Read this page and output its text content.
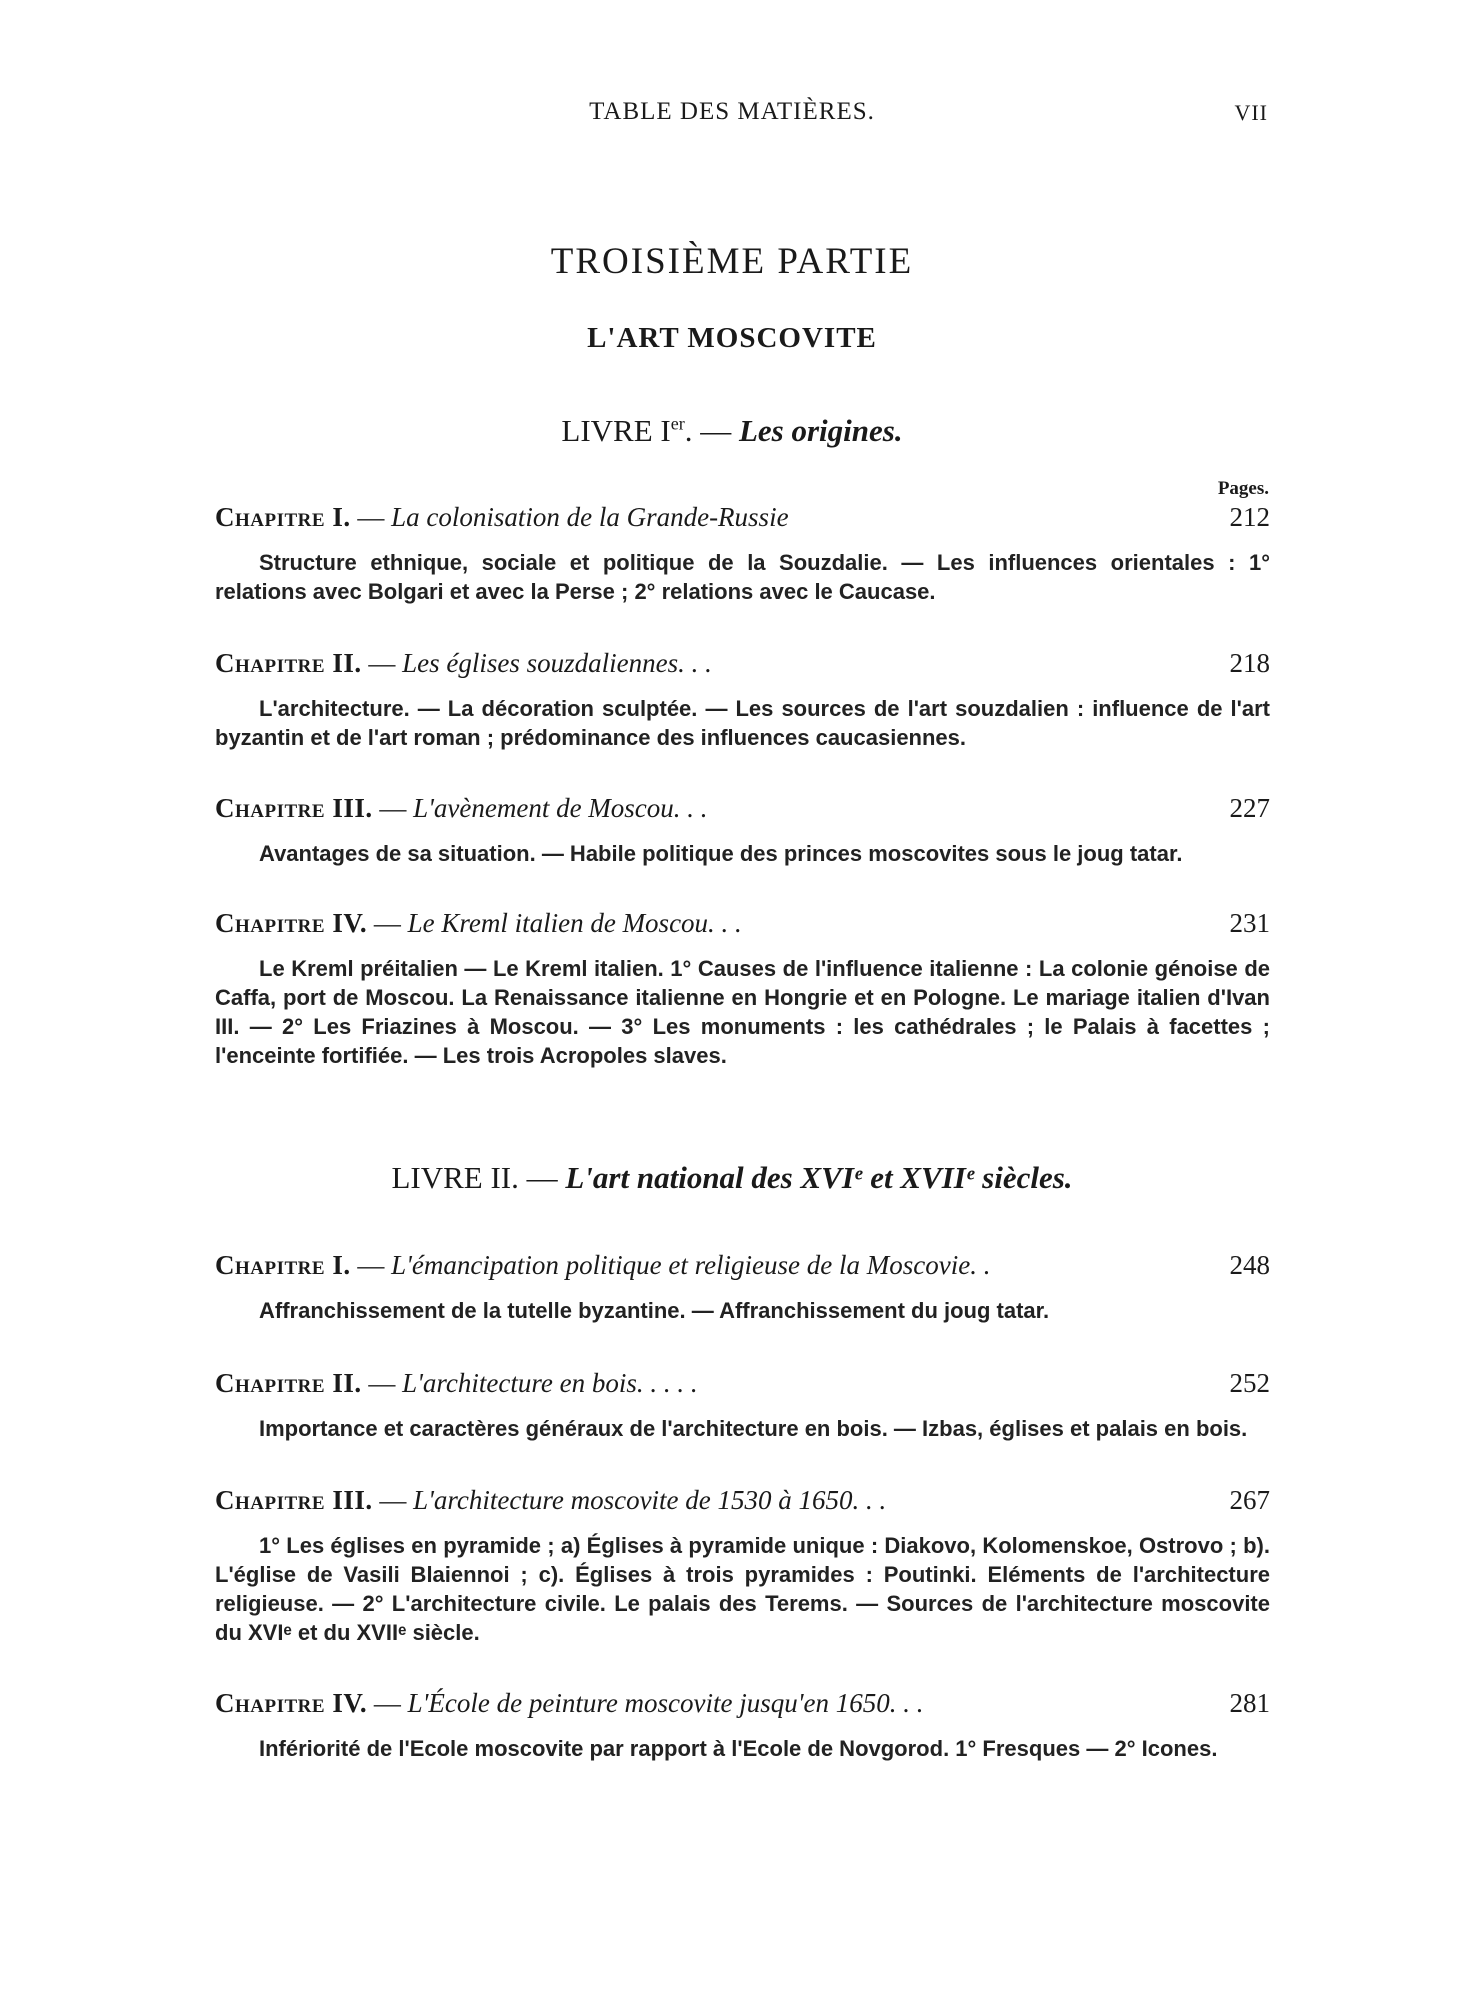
TABLE DES MATIÈRES.	VII
TROISIÈME PARTIE
L'ART MOSCOVITE
LIVRE Ier. — Les origines.
Pages.
Chapitre I. — La colonisation de la Grande-Russie	212
Structure ethnique, sociale et politique de la Souzdalie. — Les influences orientales : 1° relations avec Bolgari et avec la Perse ; 2° relations avec le Caucase.
Chapitre II. — Les églises souzdaliennes. . .	218
L'architecture. — La décoration sculptée. — Les sources de l'art souzdalien : influence de l'art byzantin et de l'art roman ; prédominance des influences caucasiennes.
Chapitre III. — L'avènement de Moscou. . .	227
Avantages de sa situation. — Habile politique des princes moscovites sous le joug tatar.
Chapitre IV. — Le Kreml italien de Moscou. . .	231
Le Kreml préitalien — Le Kreml italien. 1° Causes de l'influence italienne : La colonie génoise de Caffa, port de Moscou. La Renaissance italienne en Hongrie et en Pologne. Le mariage italien d'Ivan III. — 2° Les Friazines à Moscou. — 3° Les monuments : les cathédrales ; le Palais à facettes ; l'enceinte fortifiée. — Les trois Acropoles slaves.
LIVRE II. — L'art national des XVIᵉ et XVIIᵉ siècles.
Chapitre I. — L'émancipation politique et religieuse de la Moscovie. .	248
Affranchissement de la tutelle byzantine. — Affranchissement du joug tatar.
Chapitre II. — L'architecture en bois. . . . .	252
Importance et caractères généraux de l'architecture en bois. — Izbas, églises et palais en bois.
Chapitre III. — L'architecture moscovite de 1530 à 1650. . .	267
1° Les églises en pyramide ; a) Églises à pyramide unique : Diakovo, Kolomenskoe, Ostrovo ; b). L'église de Vasili Blaiennoi ; c). Églises à trois pyramides : Poutinki. Eléments de l'architecture religieuse. — 2° L'architecture civile. Le palais des Terems. — Sources de l'architecture moscovite du XVIᵉ et du XVIIᵉ siècle.
Chapitre IV. — L'École de peinture moscovite jusqu'en 1650. . .	281
Infériorité de l'Ecole moscovite par rapport à l'Ecole de Novgorod. 1° Fresques — 2° Icones.
